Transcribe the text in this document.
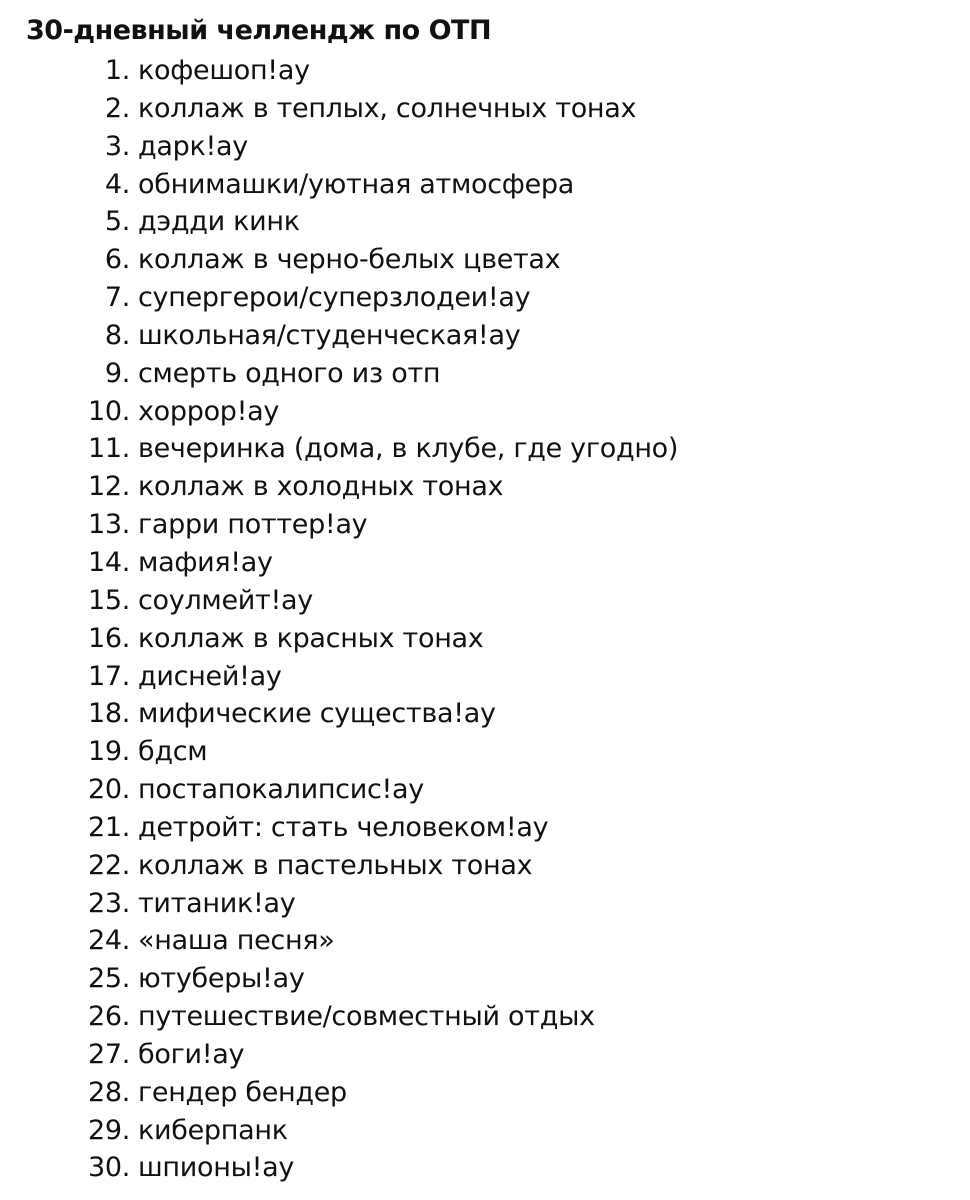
30-дневный челлендж по ОТП
1. кофешоп!ау
2. коллаж в теплых, солнечных тонах
3. дарк!ау
4. обнимашки/уютная атмосфера
5. дэдди кинк
6. коллаж в черно-белых цветах
7. супергерои/суперзлодеи!ау
8. школьная/студенческая!ау
9. смерть одного из отп
10. хоррор!ау
11. вечеринка (дома, в клубе, где угодно)
12. коллаж в холодных тонах
13. гарри поттер!ау
14. мафия!ау
15. соулмейт!ау
16. коллаж в красных тонах
17. дисней!ау
18. мифические существа!ау
19. бдсм
20. постапокалипсис!ау
21. детройт: стать человеком!ау
22. коллаж в пастельных тонах
23. титаник!ау
24. «наша песня»
25. ютуберы!ау
26. путешествие/совместный отдых
27. боги!ау
28. гендер бендер
29. киберпанк
30. шпионы!ау
